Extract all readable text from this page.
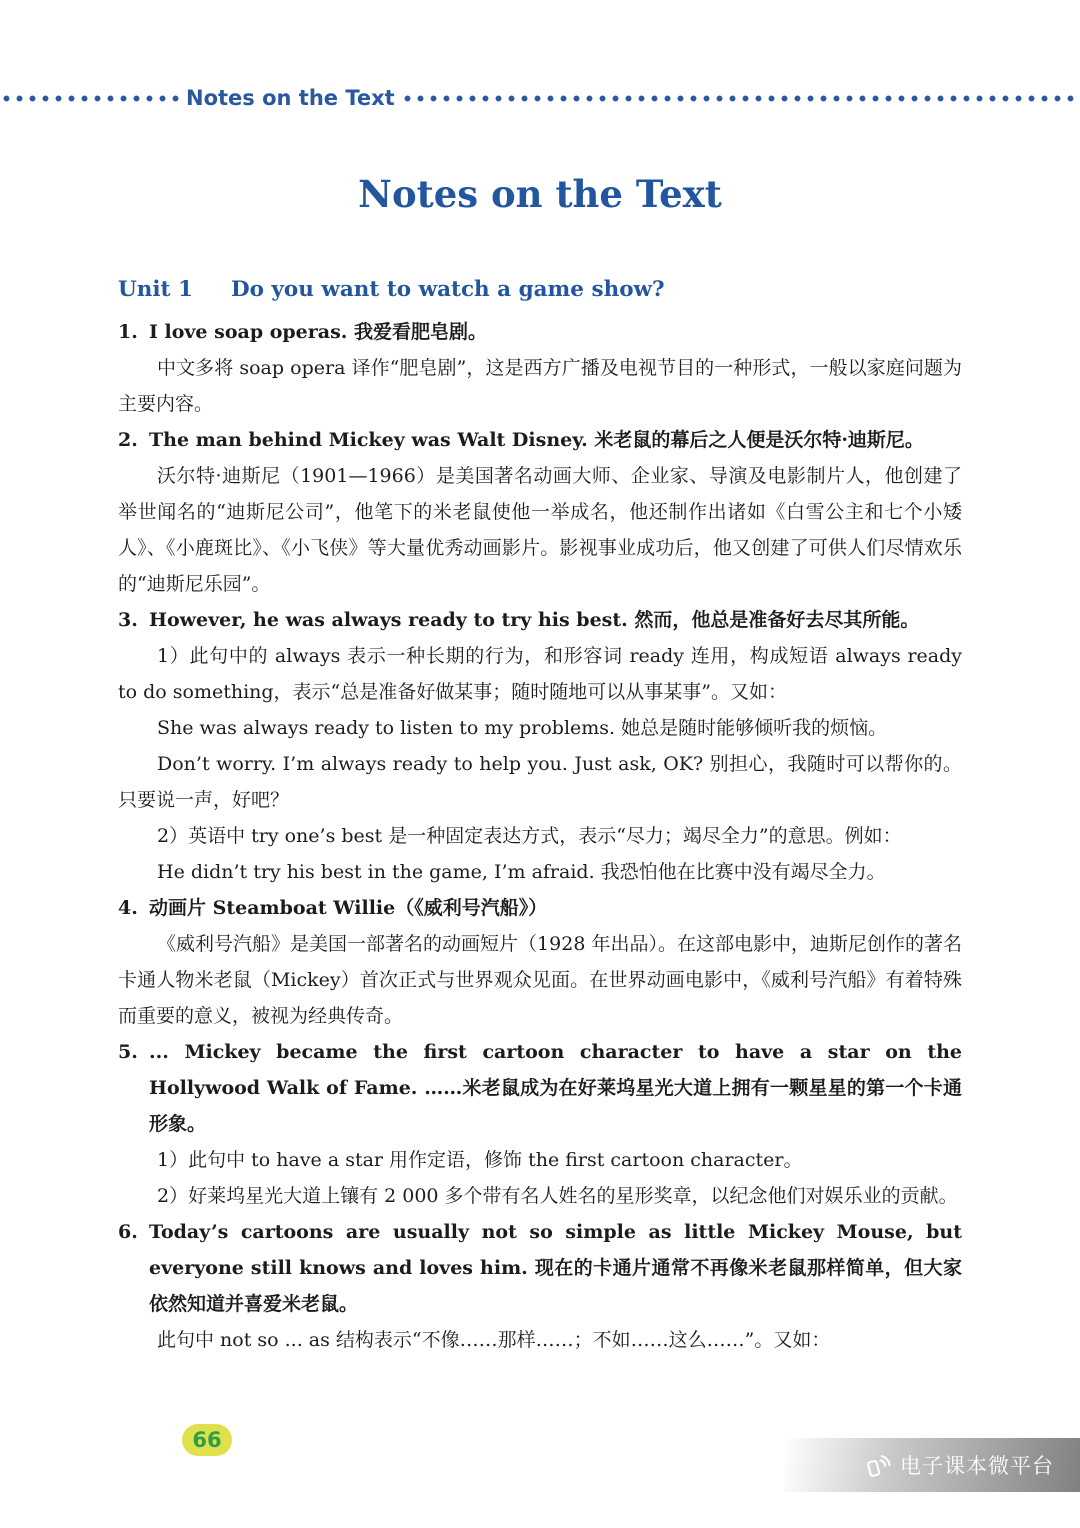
Notes on the Text
Notes on the Text
Unit 1 Do you want to watch a game show?
1. I love soap operas. 我爱看肥皂剧。

中文多将 soap opera 译作“肥皂剧”，这是西方广播及电视节目的一种形式，一般以家庭问题为主要内容。

2. The man behind Mickey was Walt Disney. 米老鼠的幕后之人便是沃尔特·迪斯尼。

沃尔特·迪斯尼（1901—1966）是美国著名动画大师、企业家、导演及电影制片人，他创建了举世闻名的“迪斯尼公司”，他笔下的米老鼠使他一举成名，他还制作出诸如《白雪公主和七个小矮人》、《小鹿斑比》、《小飞侠》等大量优秀动画影片。影视事业成功后，他又创建了可供人们尽情欢乐的“迪斯尼乐园”。

3. However, he was always ready to try his best. 然而，他总是准备好去尽其所能。

1）此句中的 always 表示一种长期的行为，和形容词 ready 连用，构成短语 always ready to do something，表示“总是准备好做某事；随时随地可以从事某事”。又如：

She was always ready to listen to my problems. 她总是随时能够倾听我的烦恼。

Don’t worry. I’m always ready to help you. Just ask, OK? 别担心，我随时可以帮你的。只要说一声，好吧？

2）英语中 try one’s best 是一种固定表达方式，表示“尽力；竭尽全力”的意思。例如：

He didn’t try his best in the game, I’m afraid. 我恐怕他在比赛中没有竭尽全力。

4. 动画片 Steamboat Willie（《威利号汽船》）

《威利号汽船》是美国一部著名的动画短片（1928 年出品）。在这部电影中，迪斯尼创作的著名卡通人物米老鼠（Mickey）首次正式与世界观众见面。在世界动画电影中，《威利号汽船》有着特殊而重要的意义，被视为经典传奇。

5. ... Mickey became the first cartoon character to have a star on the Hollywood Walk of Fame. ……米老鼠成为在好莱坞星光大道上拥有一颗星星的第一个卡通形象。

1）此句中 to have a star 用作定语，修饰 the first cartoon character。

2）好莱坞星光大道上镶有 2 000 多个带有名人姓名的星形奖章，以纪念他们对娱乐业的贡献。

6. Today’s cartoons are usually not so simple as little Mickey Mouse, but everyone still knows and loves him. 现在的卡通片通常不再像米老鼠那样简单，但大家依然知道并喜爱米老鼠。

此句中 not so ... as 结构表示“不像……那样……；不如……这么……”。又如：

66
电子课本微平台
